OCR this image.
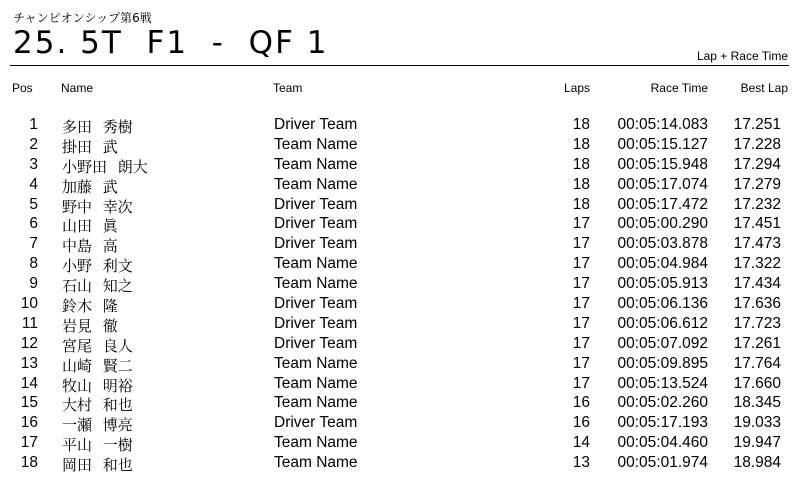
チャンピオンシップ第6戦
25. 5T  F1  -  QF 1	Lap + Race Time
Pos Name	Team	Laps	Race Time	Best Lap
1 多田 秀樹	Driver Team	18	00:05:14.083	17.251
2 掛田 武	Team Name	18	00:05:15.127	17.228
3 小野田 朗大	Team Name	18	00:05:15.948	17.294
4 加藤 武	Team Name	18	00:05:17.074	17.279
5 野中 幸次	Driver Team	18	00:05:17.472	17.232
6 山田 眞	Driver Team	17	00:05:00.290	17.451
7 中島 高	Driver Team	17	00:05:03.878	17.473
8 小野 利文	Team Name	17	00:05:04.984	17.322
9 石山 知之	Team Name	17	00:05:05.913	17.434
10 鈴木 隆	Driver Team	17	00:05:06.136	17.636
11 岩見 徹	Driver Team	17	00:05:06.612	17.723
12 宮尾 良人	Driver Team	17	00:05:07.092	17.261
13 山崎 賢二	Team Name	17	00:05:09.895	17.764
14 牧山 明裕	Team Name	17	00:05:13.524	17.660
15 大村 和也	Team Name	16	00:05:02.260	18.345
16 一瀬 博亮	Driver Team	16	00:05:17.193	19.033
17 平山 一樹	Team Name	14	00:05:04.460	19.947
18 岡田 和也	Team Name	13	00:05:01.974	18.984
